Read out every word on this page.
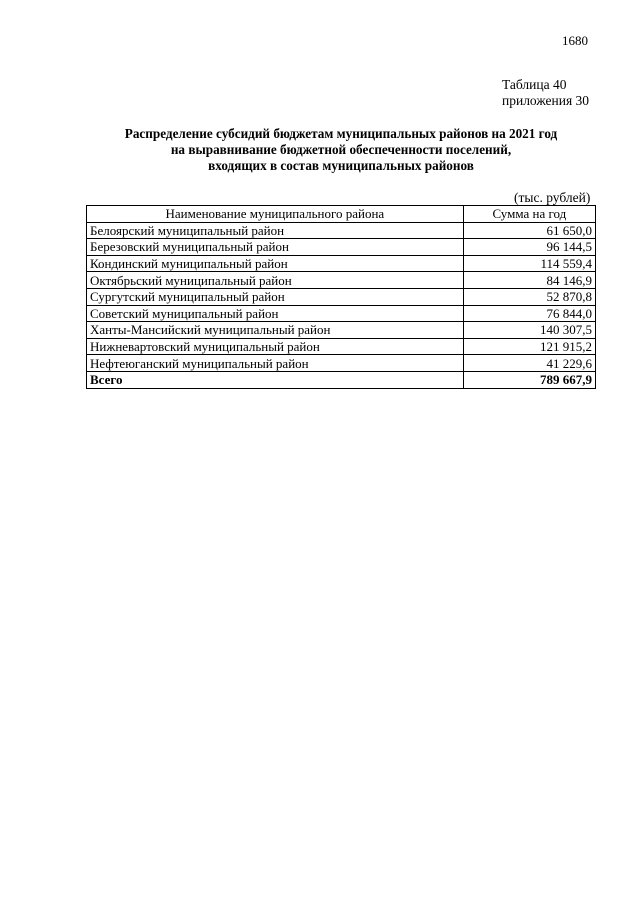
1680
Таблица 40
приложения 30
Распределение субсидий бюджетам муниципальных районов на 2021 год
на выравнивание бюджетной обеспеченности поселений,
входящих в состав муниципальных районов
(тыс. рублей)
Наименование муниципального района	Сумма на год
Белоярский муниципальный район	61 650,0
Березовский муниципальный район	96 144,5
Кондинский муниципальный район	114 559,4
Октябрьский муниципальный район	84 146,9
Сургутский муниципальный район	52 870,8
Советский муниципальный район	76 844,0
Ханты-Мансийский муниципальный район	140 307,5
Нижневартовский муниципальный район	121 915,2
Нефтеюганский муниципальный район	41 229,6
Всего	789 667,9
